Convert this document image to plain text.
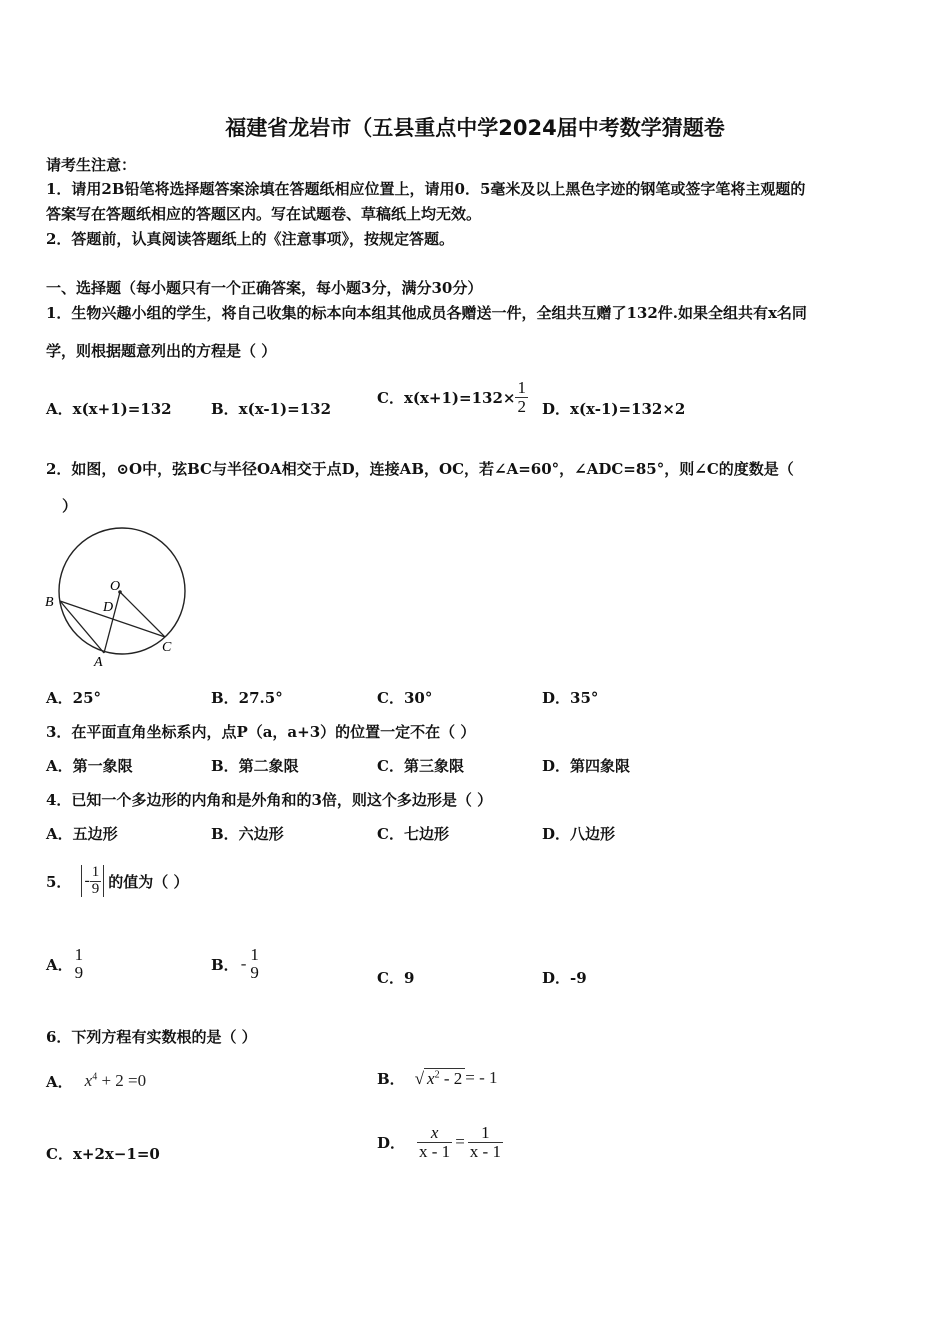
福建省龙岩市（五县重点中学2024届中考数学猜题卷
请考生注意：
1．请用2B铅笔将选择题答案涂填在答题纸相应位置上，请用0．5毫米及以上黑色字迹的钢笔或签字笔将主观题的
答案写在答题纸相应的答题区内。写在试题卷、草稿纸上均无效。
2．答题前，认真阅读答题纸上的《注意事项》，按规定答题。
一、选择题（每小题只有一个正确答案，每小题3分，满分30分）
1．生物兴趣小组的学生，将自己收集的标本向本组其他成员各赠送一件，全组共互赠了132件.如果全组共有x名同
学，则根据题意列出的方程是（ ）
A．x(x+1)=132	B．x(x-1)=132
C．$x(x+1)=132\times \frac{1}{2}$ D．x(x-1)=132×2
2．如图，⊙O中，弦BC与半径OA相交于点D，连接AB，OC，若∠A=60°，∠ADC=85°，则∠C的度数是（
）
B
O
D
A
C
A．25°	B．27.5°	C．30°	D．35°
3．在平面直角坐标系内，点P（a，a+3）的位置一定不在（ ）
A．第一象限	B．第二象限	C．第三象限	D．第四象限
4．已知一个多边形的内角和是外角和的3倍，则这个多边形是（ ）
A．五边形	B．六边形	C．七边形	D．八边形
5． - $\frac{1}{9}$ 的值为（ ）
A．
1
9	B． - 1
9	C．9	D．-9
6．下列方程有实数根的是（ ）
A． $x^4 + 2 =0$	B． √ $x^2 - 2$ = - 1
C．x+2x−1=0
D． $\frac{x}{x - 1} = \frac{1}{x - 1}$
